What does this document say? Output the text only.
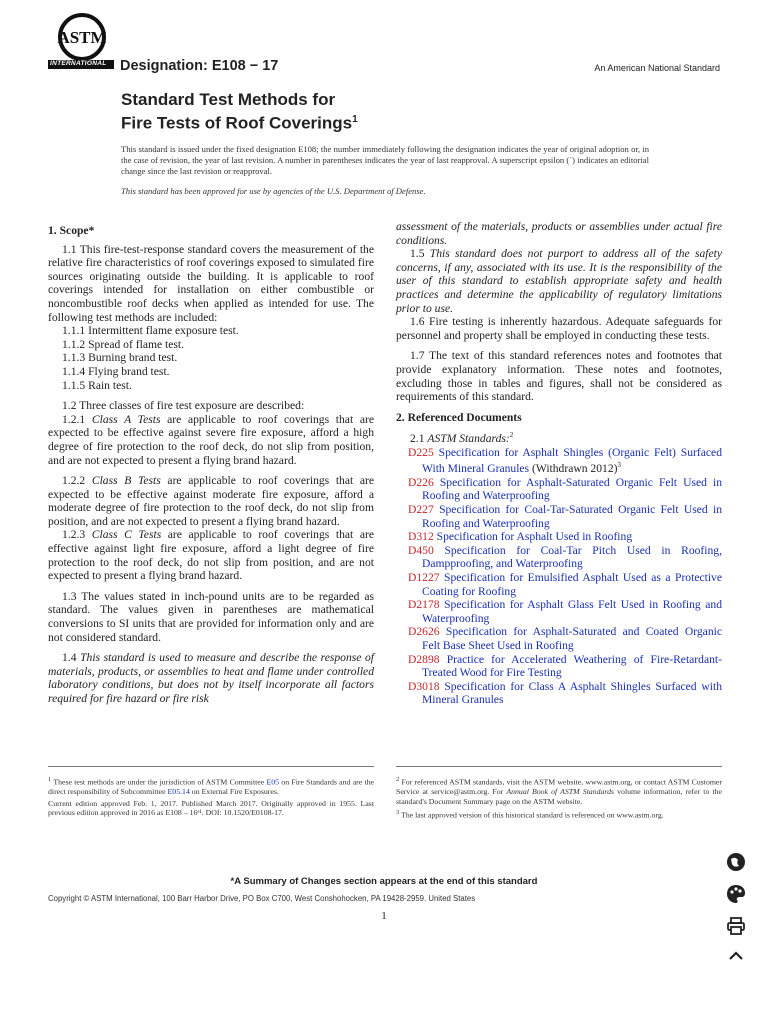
ASTM
INTERNATIONAL Designation: E108 − 17	An American National Standard
Standard Test Methods for
Fire Tests of Roof Coverings$^1$
This standard is issued under the fixed designation E108; the number immediately following the designation indicates the year of original adoption or, in the case of revision, the year of last revision. A number in parentheses indicates the year of last reapproval. A superscript epsilon (´) indicates an editorial change since the last revision or reapproval.
This standard has been approved for use by agencies of the U.S. Department of Defense.
1. Scope*

1.1 This fire-test-response standard covers the measurement of the relative fire characteristics of roof coverings exposed to simulated fire sources originating outside the building. It is applicable to roof coverings intended for installation on either combustible or noncombustible roof decks when applied as intended for use. The following test methods are included:

1.1.1 Intermittent flame exposure test.

1.1.2 Spread of flame test.

1.1.3 Burning brand test.

1.1.4 Flying brand test.

1.1.5 Rain test.

1.2 Three classes of fire test exposure are described:

1.2.1 Class A Tests are applicable to roof coverings that are expected to be effective against severe fire exposure, afford a high degree of fire protection to the roof deck, do not slip from position, and are not expected to present a flying brand hazard.

1.2.2 Class B Tests are applicable to roof coverings that are expected to be effective against moderate fire exposure, afford a moderate degree of fire protection to the roof deck, do not slip from position, and are not expected to present a flying brand hazard.

1.2.3 Class C Tests are applicable to roof coverings that are effective against light fire exposure, afford a light degree of fire protection to the roof deck, do not slip from position, and are not expected to present a flying brand hazard.

1.3 The values stated in inch-pound units are to be regarded as standard. The values given in parentheses are mathematical conversions to SI units that are provided for information only and are not considered standard.

1.4 This standard is used to measure and describe the response of materials, products, or assemblies to heat and flame under controlled laboratory conditions, but does not by itself incorporate all factors required for fire hazard or fire risk

assessment of the materials, products or assemblies under actual fire conditions.

1.5 This standard does not purport to address all of the safety concerns, if any, associated with its use. It is the responsibility of the user of this standard to establish appropriate safety and health practices and determine the applicability of regulatory limitations prior to use.

1.6 Fire testing is inherently hazardous. Adequate safeguards for personnel and property shall be employed in conducting these tests.

1.7 The text of this standard references notes and footnotes that provide explanatory information. These notes and footnotes, excluding those in tables and figures, shall not be considered as requirements of this standard.

2. Referenced Documents

2.1 ASTM Standards:$^2$

D225 Specification for Asphalt Shingles (Organic Felt) Surfaced With Mineral Granules (Withdrawn 2012)$^3$

D226 Specification for Asphalt-Saturated Organic Felt Used in Roofing and Waterproofing

D227 Specification for Coal-Tar-Saturated Organic Felt Used in Roofing and Waterproofing

D312 Specification for Asphalt Used in Roofing

D450 Specification for Coal-Tar Pitch Used in Roofing, Dampproofing, and Waterproofing

D1227 Specification for Emulsified Asphalt Used as a Protective Coating for Roofing

D2178 Specification for Asphalt Glass Felt Used in Roofing and Waterproofing

D2626 Specification for Asphalt-Saturated and Coated Organic Felt Base Sheet Used in Roofing

D2898 Practice for Accelerated Weathering of Fire-Retardant-Treated Wood for Fire Testing

D3018 Specification for Class A Asphalt Shingles Surfaced with Mineral Granules

$^1$ These test methods are under the jurisdiction of ASTM Committee E05 on Fire Standards and are the direct responsibility of Subcommittee E05.14 on External Fire Exposures.

Current edition approved Feb. 1, 2017. Published March 2017. Originally approved in 1955. Last previous edition approved in 2016 as E108 – 16ᵉ¹. DOI: 10.1520/E0108-17.

$^2$ For referenced ASTM standards, visit the ASTM website, www.astm.org, or contact ASTM Customer Service at service@astm.org. For Annual Book of ASTM Standards volume information, refer to the standard's Document Summary page on the ASTM website.

$^3$ The last approved version of this historical standard is referenced on www.astm.org.

*A Summary of Changes section appears at the end of this standard
Copyright © ASTM International, 100 Barr Harbor Drive, PO Box C700, West Conshohocken, PA 19428-2959. United States
1
